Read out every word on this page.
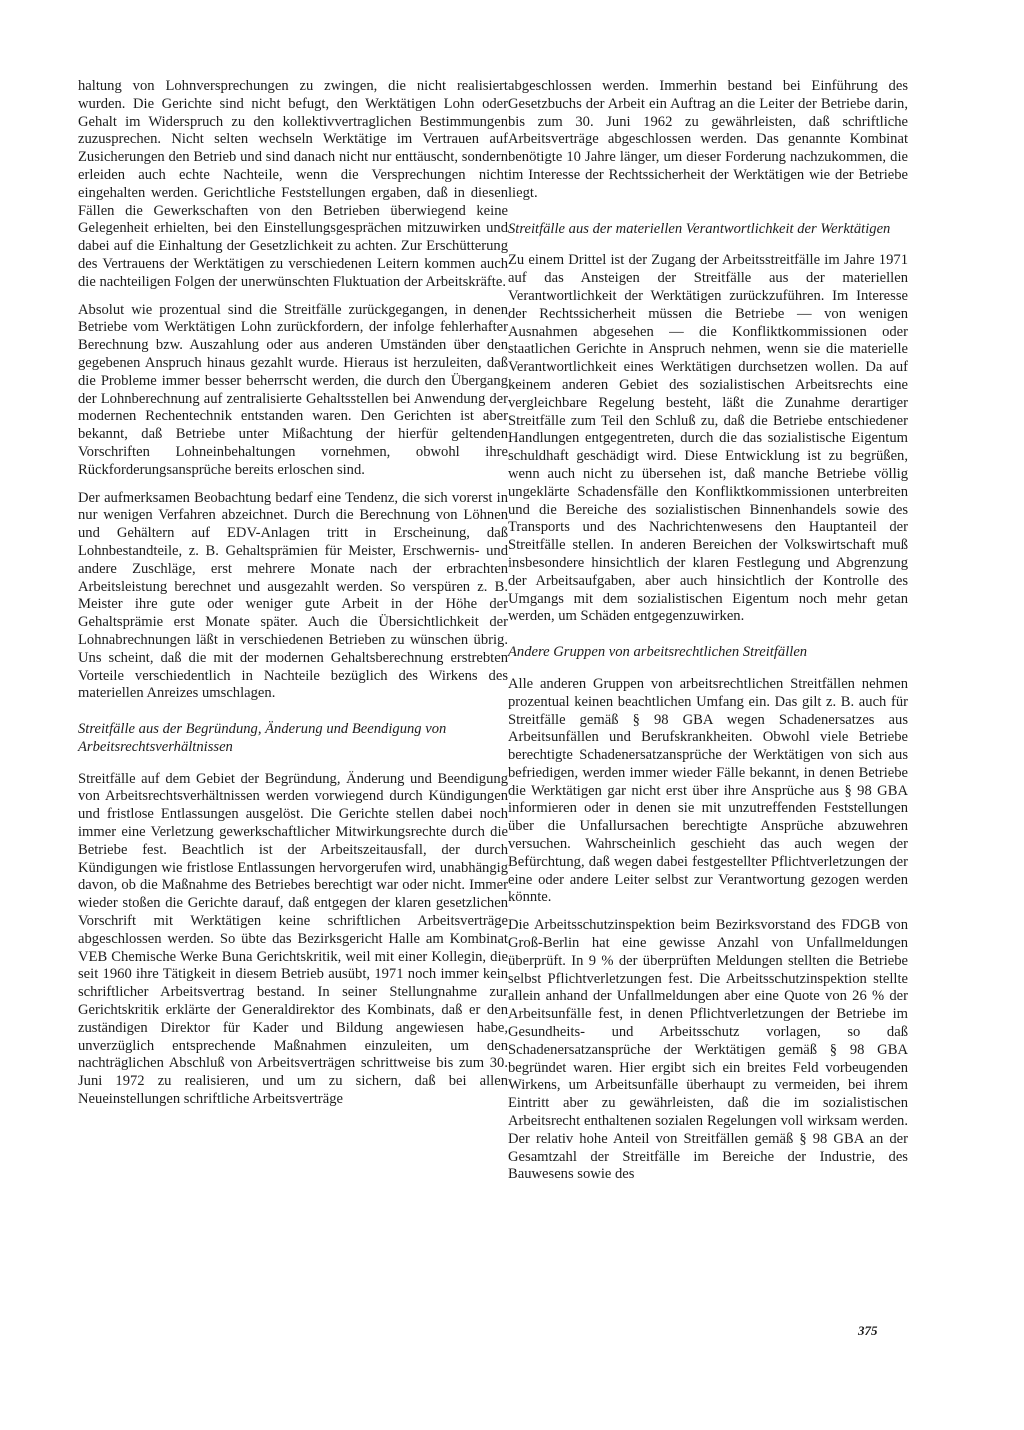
haltung von Lohnversprechungen zu zwingen, die nicht realisiert wurden. Die Gerichte sind nicht befugt, den Werktätigen Lohn oder Gehalt im Widerspruch zu den kollektivvertraglichen Bestimmungen zuzusprechen. Nicht selten wechseln Werktätige im Vertrauen auf Zusicherungen den Betrieb und sind danach nicht nur enttäuscht, sondern erleiden auch echte Nachteile, wenn die Versprechungen nicht eingehalten werden. Gerichtliche Feststellungen ergaben, daß in diesen Fällen die Gewerkschaften von den Betrieben überwiegend keine Gelegenheit erhielten, bei den Einstellungsgesprächen mitzuwirken und dabei auf die Einhaltung der Gesetzlichkeit zu achten. Zur Erschütterung des Vertrauens der Werktätigen zu verschiedenen Leitern kommen auch die nachteiligen Folgen der unerwünschten Fluktuation der Arbeitskräfte.

Absolut wie prozentual sind die Streitfälle zurückgegangen, in denen Betriebe vom Werktätigen Lohn zurückfordern, der infolge fehlerhafter Berechnung bzw. Auszahlung oder aus anderen Umständen über den gegebenen Anspruch hinaus gezahlt wurde. Hieraus ist herzuleiten, daß die Probleme immer besser beherrscht werden, die durch den Übergang der Lohnberechnung auf zentralisierte Gehaltsstellen bei Anwendung der modernen Rechentechnik entstanden waren. Den Gerichten ist aber bekannt, daß Betriebe unter Mißachtung der hierfür geltenden Vorschriften Lohneinbehaltungen vornehmen, obwohl ihre Rückforderungsansprüche bereits erloschen sind.

Der aufmerksamen Beobachtung bedarf eine Tendenz, die sich vorerst in nur wenigen Verfahren abzeichnet. Durch die Berechnung von Löhnen und Gehältern auf EDV-Anlagen tritt in Erscheinung, daß Lohnbestandteile, z. B. Gehaltsprämien für Meister, Erschwernis- und andere Zuschläge, erst mehrere Monate nach der erbrachten Arbeitsleistung berechnet und ausgezahlt werden. So verspüren z. B. Meister ihre gute oder weniger gute Arbeit in der Höhe der Gehaltsprämie erst Monate später. Auch die Übersichtlichkeit der Lohnabrechnungen läßt in verschiedenen Betrieben zu wünschen übrig. Uns scheint, daß die mit der modernen Gehaltsberechnung erstrebten Vorteile verschiedentlich in Nachteile bezüglich des Wirkens des materiellen Anreizes umschlagen.

Streitfälle aus der Begründung, Änderung und Beendigung von Arbeitsrechtsverhältnissen

Streitfälle auf dem Gebiet der Begründung, Änderung und Beendigung von Arbeitsrechtsverhältnissen werden vorwiegend durch Kündigungen und fristlose Entlassungen ausgelöst. Die Gerichte stellen dabei noch immer eine Verletzung gewerkschaftlicher Mitwirkungsrechte durch die Betriebe fest. Beachtlich ist der Arbeitszeitausfall, der durch Kündigungen wie fristlose Entlassungen hervorgerufen wird, unabhängig davon, ob die Maßnahme des Betriebes berechtigt war oder nicht. Immer wieder stoßen die Gerichte darauf, daß entgegen der klaren gesetzlichen Vorschrift mit Werktätigen keine schriftlichen Arbeitsverträge abgeschlossen werden. So übte das Bezirksgericht Halle am Kombinat VEB Chemische Werke Buna Gerichtskritik, weil mit einer Kollegin, die seit 1960 ihre Tätigkeit in diesem Betrieb ausübt, 1971 noch immer kein schriftlicher Arbeitsvertrag bestand. In seiner Stellungnahme zur Gerichtskritik erklärte der Generaldirektor des Kombinats, daß er den zuständigen Direktor für Kader und Bildung angewiesen habe, unverzüglich entsprechende Maßnahmen einzuleiten, um den nachträglichen Abschluß von Arbeitsverträgen schrittweise bis zum 30. Juni 1972 zu realisieren, und um zu sichern, daß bei allen Neueinstellungen schriftliche Arbeitsverträge

abgeschlossen werden. Immerhin bestand bei Einführung des Gesetzbuchs der Arbeit ein Auftrag an die Leiter der Betriebe darin, bis zum 30. Juni 1962 zu gewährleisten, daß schriftliche Arbeitsverträge abgeschlossen werden. Das genannte Kombinat benötigte 10 Jahre länger, um dieser Forderung nachzukommen, die im Interesse der Rechtssicherheit der Werktätigen wie der Betriebe liegt.

Streitfälle aus der materiellen Verantwortlichkeit der Werktätigen

Zu einem Drittel ist der Zugang der Arbeitsstreitfälle im Jahre 1971 auf das Ansteigen der Streitfälle aus der materiellen Verantwortlichkeit der Werktätigen zurückzuführen. Im Interesse der Rechtssicherheit müssen die Betriebe — von wenigen Ausnahmen abgesehen — die Konfliktkommissionen oder staatlichen Gerichte in Anspruch nehmen, wenn sie die materielle Verantwortlichkeit eines Werktätigen durchsetzen wollen. Da auf keinem anderen Gebiet des sozialistischen Arbeitsrechts eine vergleichbare Regelung besteht, läßt die Zunahme derartiger Streitfälle zum Teil den Schluß zu, daß die Betriebe entschiedener Handlungen entgegentreten, durch die das sozialistische Eigentum schuldhaft geschädigt wird. Diese Entwicklung ist zu begrüßen, wenn auch nicht zu übersehen ist, daß manche Betriebe völlig ungeklärte Schadensfälle den Konfliktkommissionen unterbreiten und die Bereiche des sozialistischen Binnenhandels sowie des Transports und des Nachrichtenwesens den Hauptanteil der Streitfälle stellen. In anderen Bereichen der Volkswirtschaft muß insbesondere hinsichtlich der klaren Festlegung und Abgrenzung der Arbeitsaufgaben, aber auch hinsichtlich der Kontrolle des Umgangs mit dem sozialistischen Eigentum noch mehr getan werden, um Schäden entgegenzuwirken.

Andere Gruppen von arbeitsrechtlichen Streitfällen

Alle anderen Gruppen von arbeitsrechtlichen Streitfällen nehmen prozentual keinen beachtlichen Umfang ein. Das gilt z. B. auch für Streitfälle gemäß § 98 GBA wegen Schadenersatzes aus Arbeitsunfällen und Berufskrankheiten. Obwohl viele Betriebe berechtigte Schadenersatzansprüche der Werktätigen von sich aus befriedigen, werden immer wieder Fälle bekannt, in denen Betriebe die Werktätigen gar nicht erst über ihre Ansprüche aus § 98 GBA informieren oder in denen sie mit unzutreffenden Feststellungen über die Unfallursachen berechtigte Ansprüche abzuwehren versuchen. Wahrscheinlich geschieht das auch wegen der Befürchtung, daß wegen dabei festgestellter Pflichtverletzungen der eine oder andere Leiter selbst zur Verantwortung gezogen werden könnte.

Die Arbeitsschutzinspektion beim Bezirksvorstand des FDGB von Groß-Berlin hat eine gewisse Anzahl von Unfallmeldungen überprüft. In 9 % der überprüften Meldungen stellten die Betriebe selbst Pflichtverletzungen fest. Die Arbeitsschutzinspektion stellte allein anhand der Unfallmeldungen aber eine Quote von 26 % der Arbeitsunfälle fest, in denen Pflichtverletzungen der Betriebe im Gesundheits- und Arbeitsschutz vorlagen, so daß Schadenersatzansprüche der Werktätigen gemäß § 98 GBA begründet waren. Hier ergibt sich ein breites Feld vorbeugenden Wirkens, um Arbeitsunfälle überhaupt zu vermeiden, bei ihrem Eintritt aber zu gewährleisten, daß die im sozialistischen Arbeitsrecht enthaltenen sozialen Regelungen voll wirksam werden. Der relativ hohe Anteil von Streitfällen gemäß § 98 GBA an der Gesamtzahl der Streitfälle im Bereiche der Industrie, des Bauwesens sowie des

375
